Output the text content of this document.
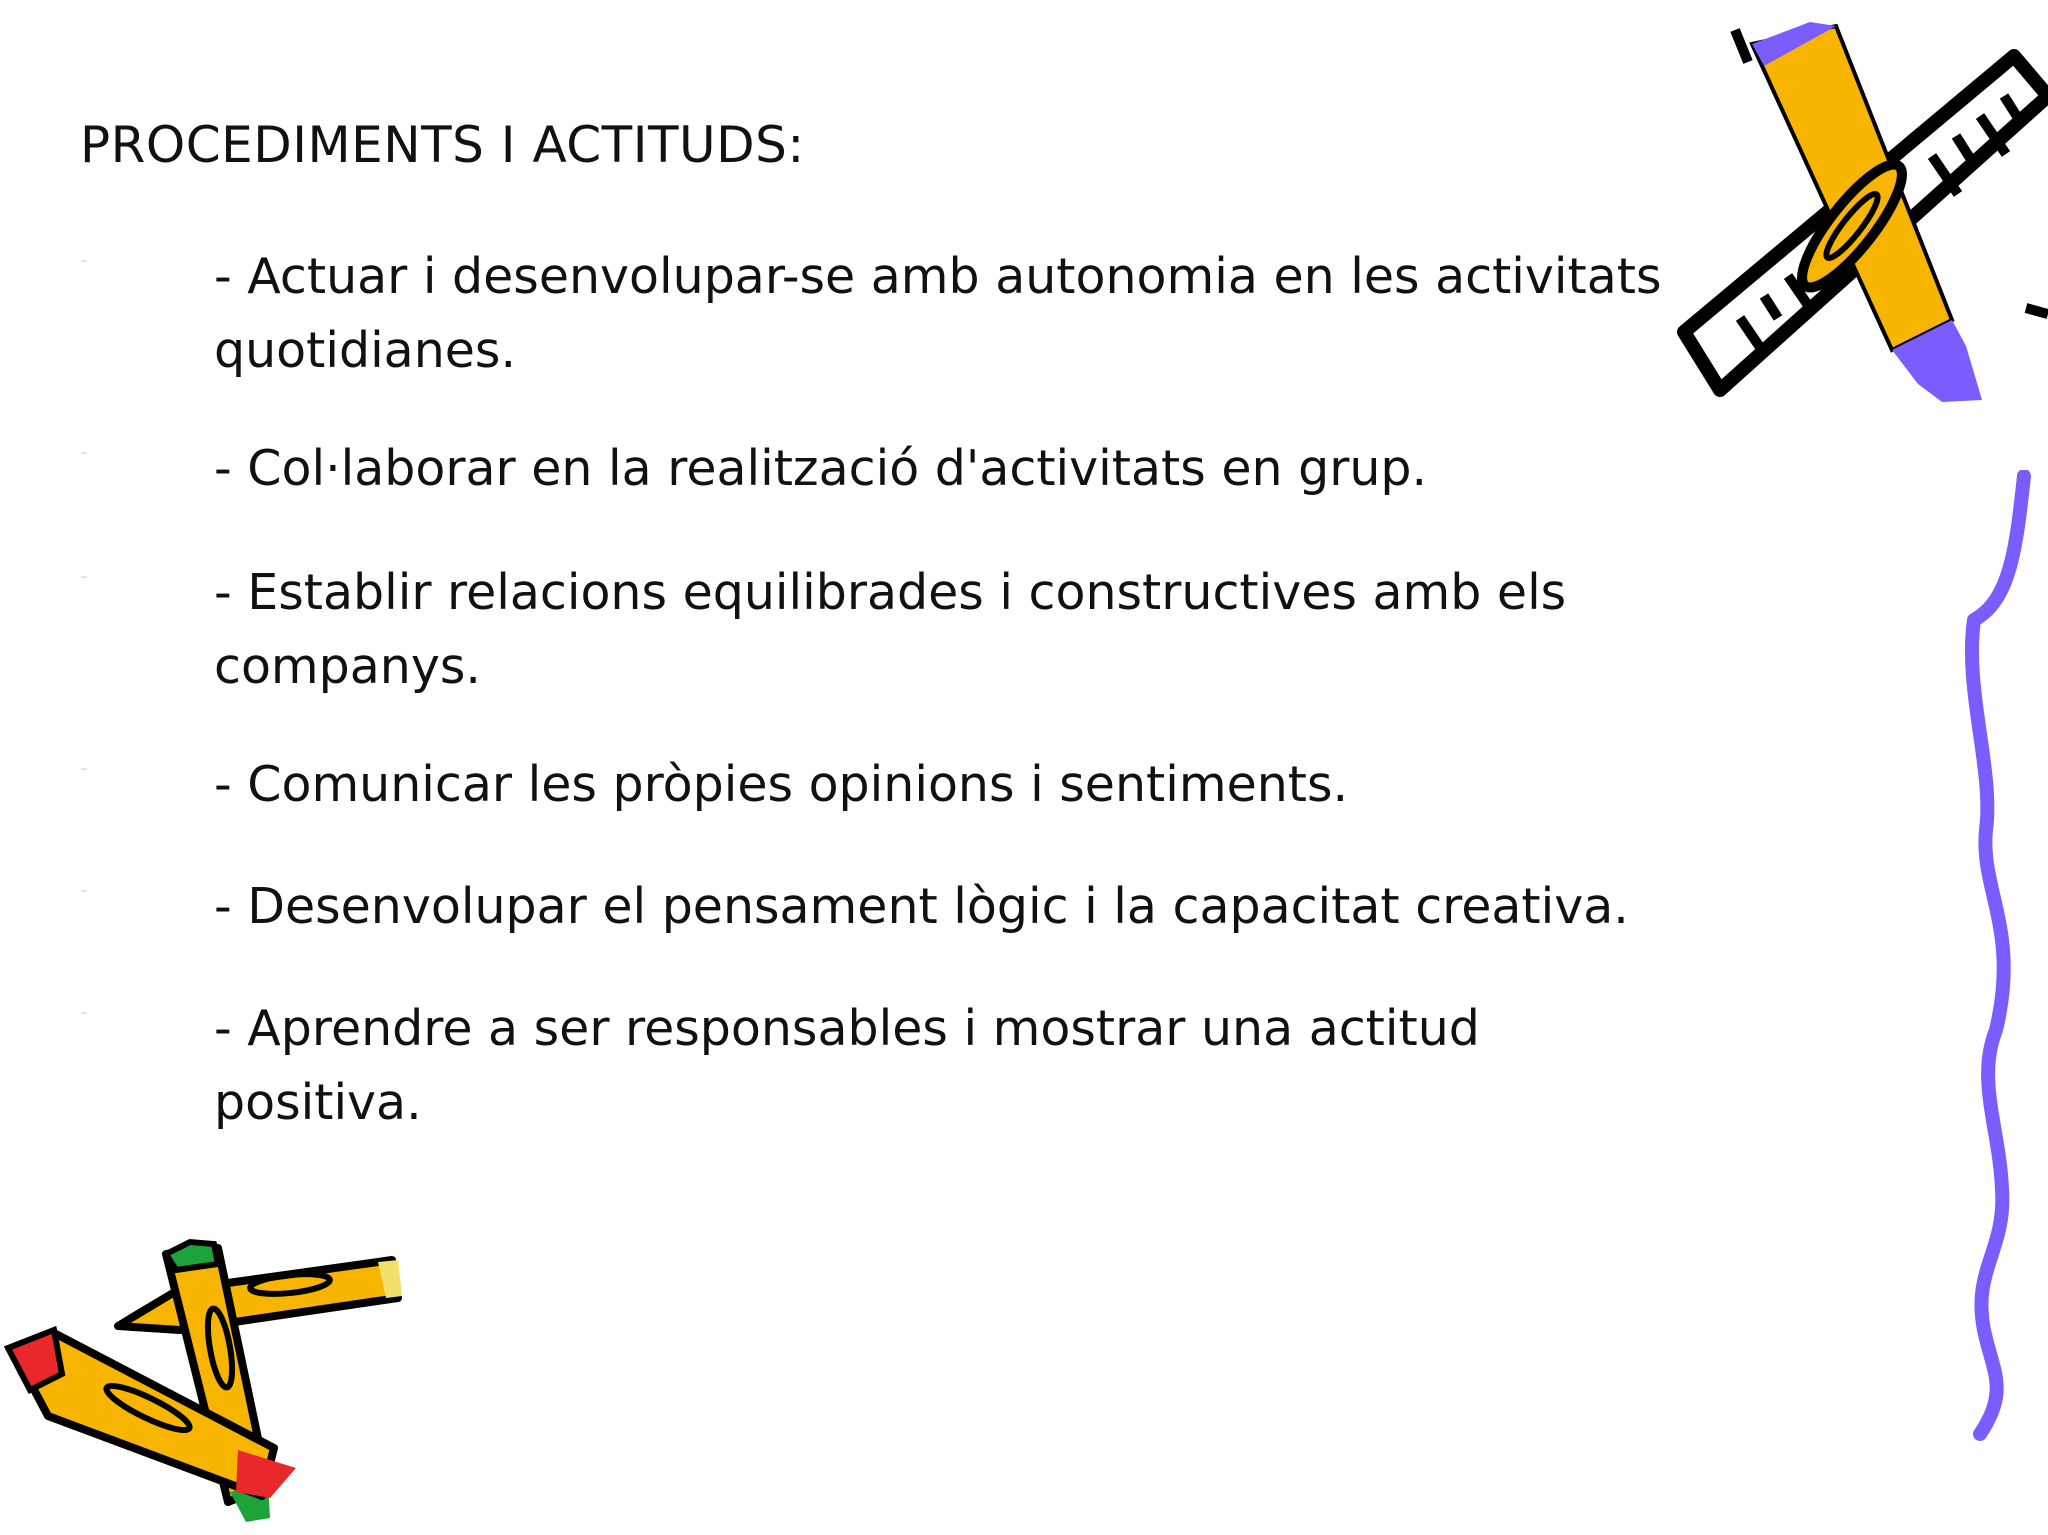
PROCEDIMENTS I ACTITUDS:
-	- Actuar i desenvolupar-se amb autonomia en les activitats quotidianes.
-	- Col·laborar en la realització d'activitats en grup.
-	- Establir relacions equilibrades i constructives amb els companys.
-	- Comunicar les pròpies opinions i sentiments.
-	- Desenvolupar el pensament lògic i la capacitat creativa.
-	- Aprendre a ser responsables i mostrar una actitud positiva.
